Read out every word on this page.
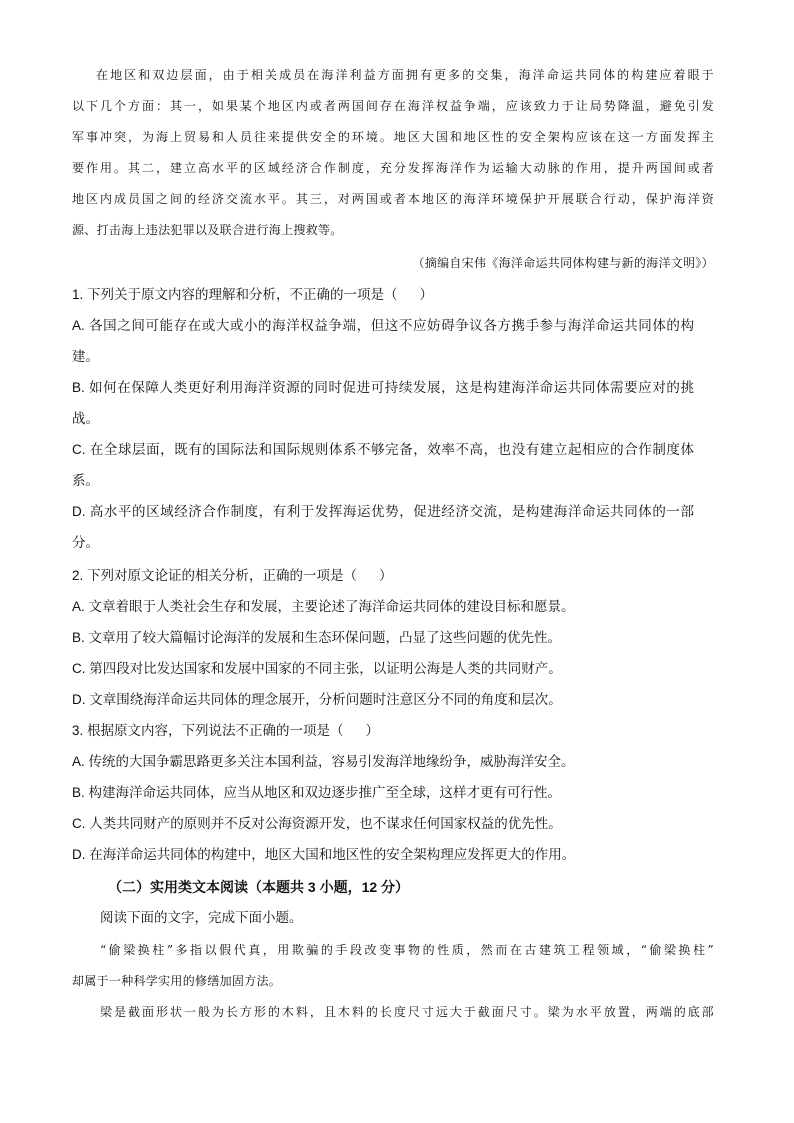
在地区和双边层面，由于相关成员在海洋利益方面拥有更多的交集，海洋命运共同体的构建应着眼于
以下几个方面：其一，如果某个地区内或者两国间存在海洋权益争端，应该致力于让局势降温，避免引发
军事冲突，为海上贸易和人员往来提供安全的环境。地区大国和地区性的安全架构应该在这一方面发挥主
要作用。其二，建立高水平的区域经济合作制度，充分发挥海洋作为运输大动脉的作用，提升两国间或者
地区内成员国之间的经济交流水平。其三，对两国或者本地区的海洋环境保护开展联合行动，保护海洋资
源、打击海上违法犯罪以及联合进行海上搜救等。
（摘编自宋伟《海洋命运共同体构建与新的海洋文明》）
1. 下列关于原文内容的理解和分析，不正确的一项是（ ）
A. 各国之间可能存在或大或小的海洋权益争端，但这不应妨碍争议各方携手参与海洋命运共同体的构
建。
B. 如何在保障人类更好利用海洋资源的同时促进可持续发展，这是构建海洋命运共同体需要应对的挑
战。
C. 在全球层面，既有的国际法和国际规则体系不够完备，效率不高，也没有建立起相应的合作制度体
系。
D. 高水平的区域经济合作制度，有利于发挥海运优势，促进经济交流，是构建海洋命运共同体的一部
分。
2. 下列对原文论证的相关分析，正确的一项是（ ）
A. 文章着眼于人类社会生存和发展，主要论述了海洋命运共同体的建设目标和愿景。
B. 文章用了较大篇幅讨论海洋的发展和生态环保问题，凸显了这些问题的优先性。
C. 第四段对比发达国家和发展中国家的不同主张，以证明公海是人类的共同财产。
D. 文章围绕海洋命运共同体的理念展开，分析问题时注意区分不同的角度和层次。
3. 根据原文内容，下列说法不正确的一项是（ ）
A. 传统的大国争霸思路更多关注本国利益，容易引发海洋地缘纷争，威胁海洋安全。
B. 构建海洋命运共同体，应当从地区和双边逐步推广至全球，这样才更有可行性。
C. 人类共同财产的原则并不反对公海资源开发，也不谋求任何国家权益的优先性。
D. 在海洋命运共同体的构建中，地区大国和地区性的安全架构理应发挥更大的作用。
（二）实用类文本阅读（本题共 3 小题，12 分）
阅读下面的文字，完成下面小题。
“偷梁换柱”多指以假代真，用欺骗的手段改变事物的性质，然而在古建筑工程领域，“偷梁换柱”
却属于一种科学实用的修缮加固方法。
梁是截面形状一般为长方形的木料，且木料的长度尺寸远大于截面尺寸。梁为水平放置，两端的底部
